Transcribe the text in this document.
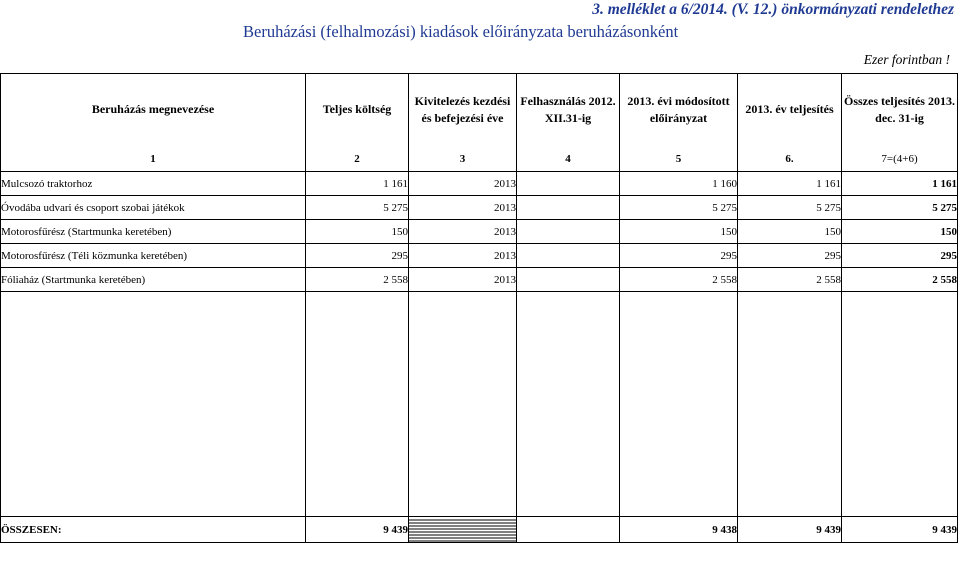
3. melléklet a 6/2014. (V. 12.) önkormányzati rendelethez
Beruházási (felhalmozási) kiadások előirányzata beruházásonként
Ezer forintban !
Beruházás megnevezése	Teljes költség	Kivitelezés kezdési és befejezési éve	Felhasználás 2012. XII.31-ig	2013. évi módosított előirányzat	2013. év teljesítés	Összes teljesítés 2013. dec. 31-ig
1	2	3	4	5	6.	7=(4+6)
Mulcsozó traktorhoz	1 161	2013		1 160	1 161	1 161
Óvodába udvari és csoport szobai játékok	5 275	2013		5 275	5 275	5 275
Motorosfűrész (Startmunka keretében)	150	2013		150	150	150
Motorosfűrész (Téli közmunka keretében)	295	2013		295	295	295
Fóliaház (Startmunka keretében)	2 558	2013		2 558	2 558	2 558

ÖSSZESEN:	9 439			9 438	9 439	9 439
